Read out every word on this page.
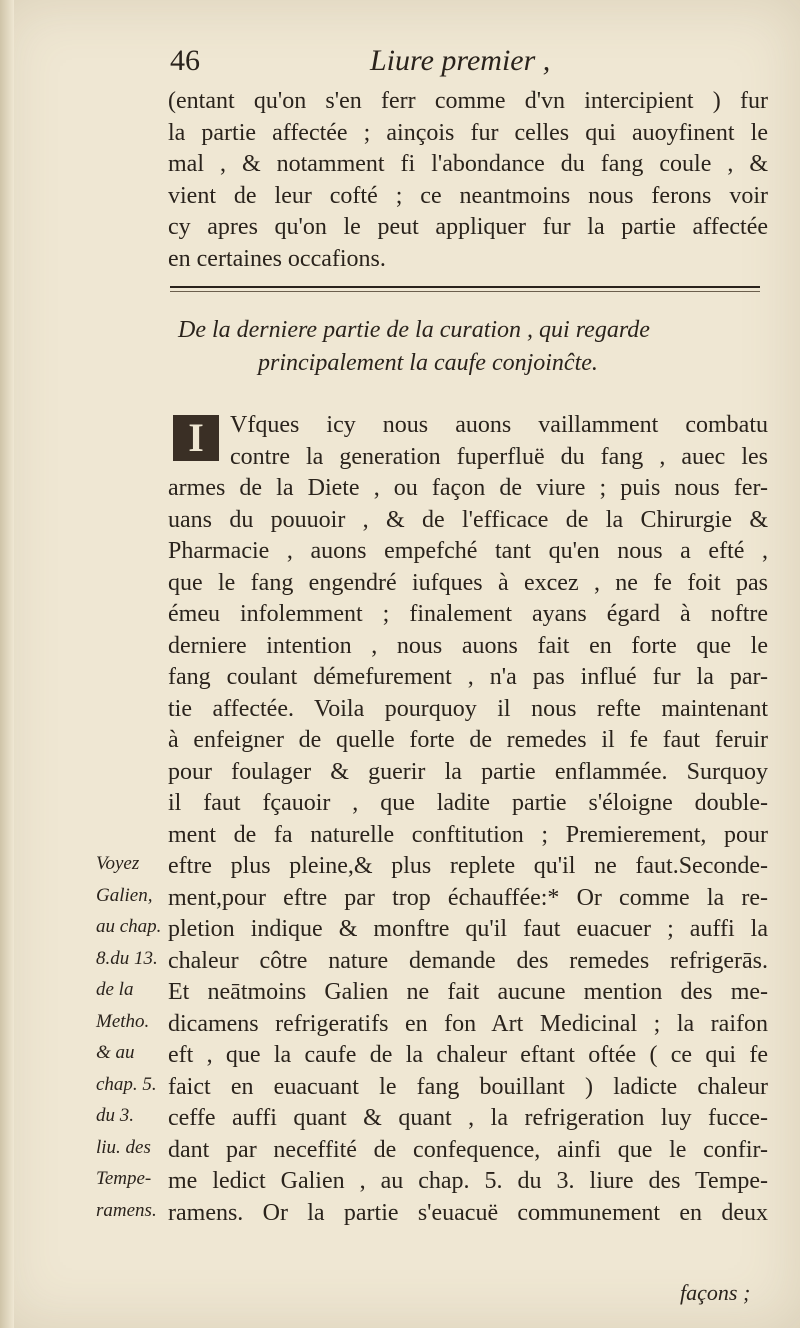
46	Liure premier ,
(entant qu'on s'en ferr comme d'vn intercipient ) fur
la partie affectée ; ainçois fur celles qui auoyfinent le
mal , & notamment fi l'abondance du fang coule , &
vient de leur cofté ; ce neantmoins nous ferons voir
cy apres qu'on le peut appliquer fur la partie affectée
en certaines occafions.
De la derniere partie de la curation , qui regarde
principalement la caufe conjoinĉte.
I	Vfques icy nous auons vaillamment combatu
contre la generation fuperfluë du fang , auec les
armes de la Diete , ou façon de viure ; puis nous fer-
uans du pouuoir , & de l'efficace de la Chirurgie &
Pharmacie , auons empefché tant qu'en nous a efté ,
que le fang engendré iufques à excez , ne fe foit pas
émeu infolemment ; finalement ayans égard à noftre
derniere intention , nous auons fait en forte que le
fang coulant démefurement , n'a pas influé fur la par-
tie affectée. Voila pourquoy il nous refte maintenant
à enfeigner de quelle forte de remedes il fe faut feruir
pour foulager & guerir la partie enflammée. Surquoy
il faut fçauoir , que ladite partie s'éloigne double-
ment de fa naturelle conftitution ; Premierement, pour
eftre plus pleine,& plus replete qu'il ne faut.Seconde-
ment,pour eftre par trop échauffée:* Or comme la re-
pletion indique & monftre qu'il faut euacuer ; auffi la
chaleur côtre nature demande des remedes refrigerās.
Et neātmoins Galien ne fait aucune mention des me-
dicamens refrigeratifs en fon Art Medicinal ; la raifon
eft , que la caufe de la chaleur eftant oftée ( ce qui fe
faict en euacuant le fang bouillant ) ladicte chaleur
ceffe auffi quant & quant , la refrigeration luy fucce-
dant par neceffité de confequence, ainfi que le confir-
me ledict Galien , au chap. 5. du 3. liure des Tempe-
ramens. Or la partie s'euacuë communement en deux
Voyez
Galien,
au chap.
8.du 13.
de la
Metho.
& au
chap. 5.
du 3.
liu. des
Tempe-
ramens.
façons ;
